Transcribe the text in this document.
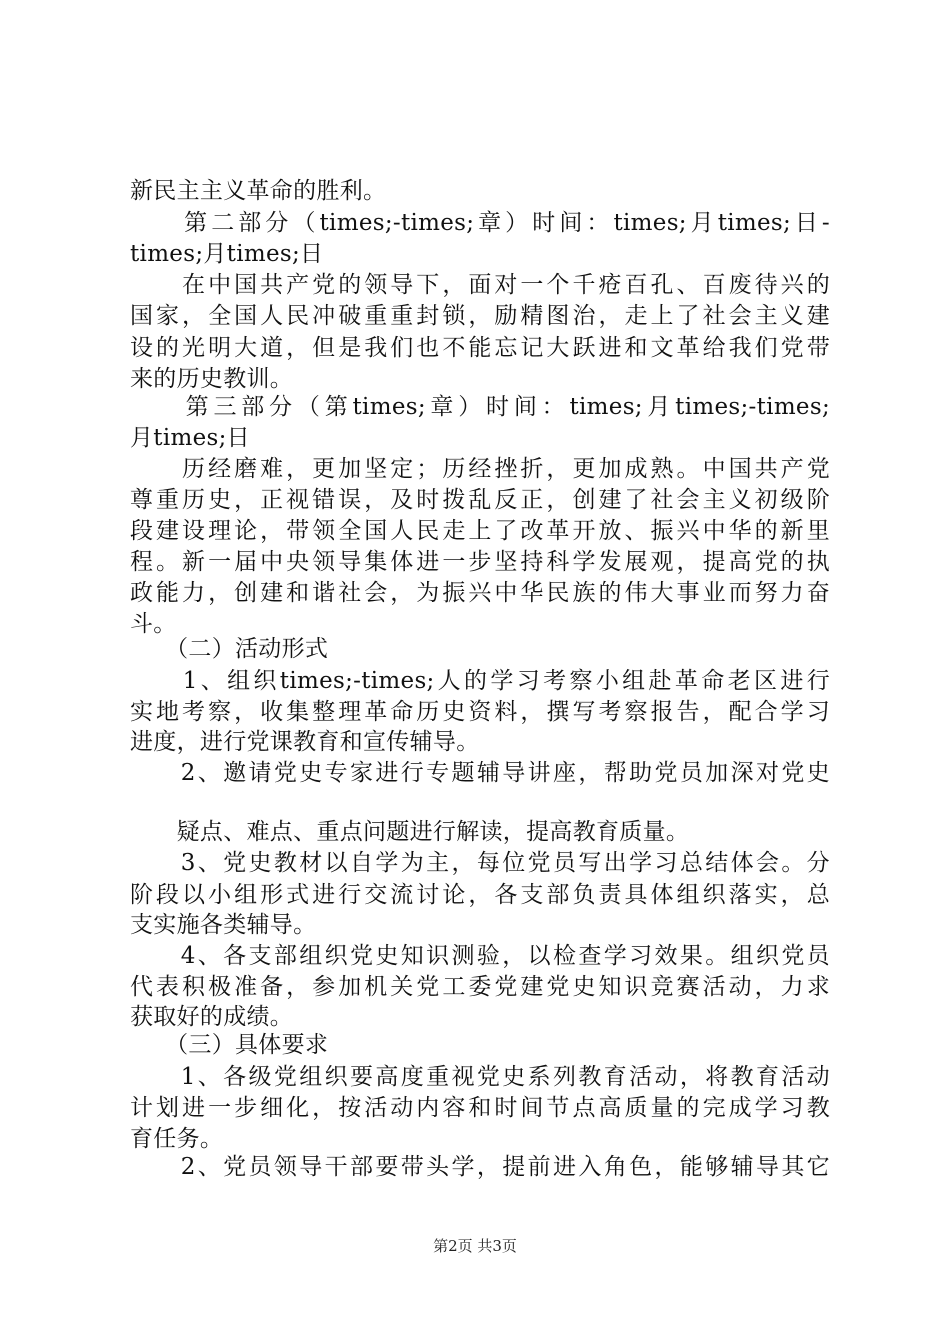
新民主主义革命的胜利。
　　第二部分（times;-times;章）时间：times;月times;日-
times;月times;日
　　在中国共产党的领导下，面对一个千疮百孔、百废待兴的
国家，全国人民冲破重重封锁，励精图治，走上了社会主义建
设的光明大道，但是我们也不能忘记大跃进和文革给我们党带
来的历史教训。
　　第三部分（第times;章）时间：times;月times;-times;
月times;日
　　历经磨难，更加坚定；历经挫折，更加成熟。中国共产党
尊重历史，正视错误，及时拨乱反正，创建了社会主义初级阶
段建设理论，带领全国人民走上了改革开放、振兴中华的新里
程。新一届中央领导集体进一步坚持科学发展观，提高党的执
政能力，创建和谐社会，为振兴中华民族的伟大事业而努力奋
斗。
　　（二）活动形式
　　1、组织times;-times;人的学习考察小组赴革命老区进行
实地考察，收集整理革命历史资料，撰写考察报告，配合学习
进度，进行党课教育和宣传辅导。
　　2、邀请党史专家进行专题辅导讲座，帮助党员加深对党史
　　疑点、难点、重点问题进行解读，提高教育质量。
　　3、党史教材以自学为主，每位党员写出学习总结体会。分
阶段以小组形式进行交流讨论，各支部负责具体组织落实，总
支实施各类辅导。
　　4、各支部组织党史知识测验，以检查学习效果。组织党员
代表积极准备，参加机关党工委党建党史知识竞赛活动，力求
获取好的成绩。
　　（三）具体要求
　　1、各级党组织要高度重视党史系列教育活动，将教育活动
计划进一步细化，按活动内容和时间节点高质量的完成学习教
育任务。
　　2、党员领导干部要带头学，提前进入角色，能够辅导其它
第2页 共3页
